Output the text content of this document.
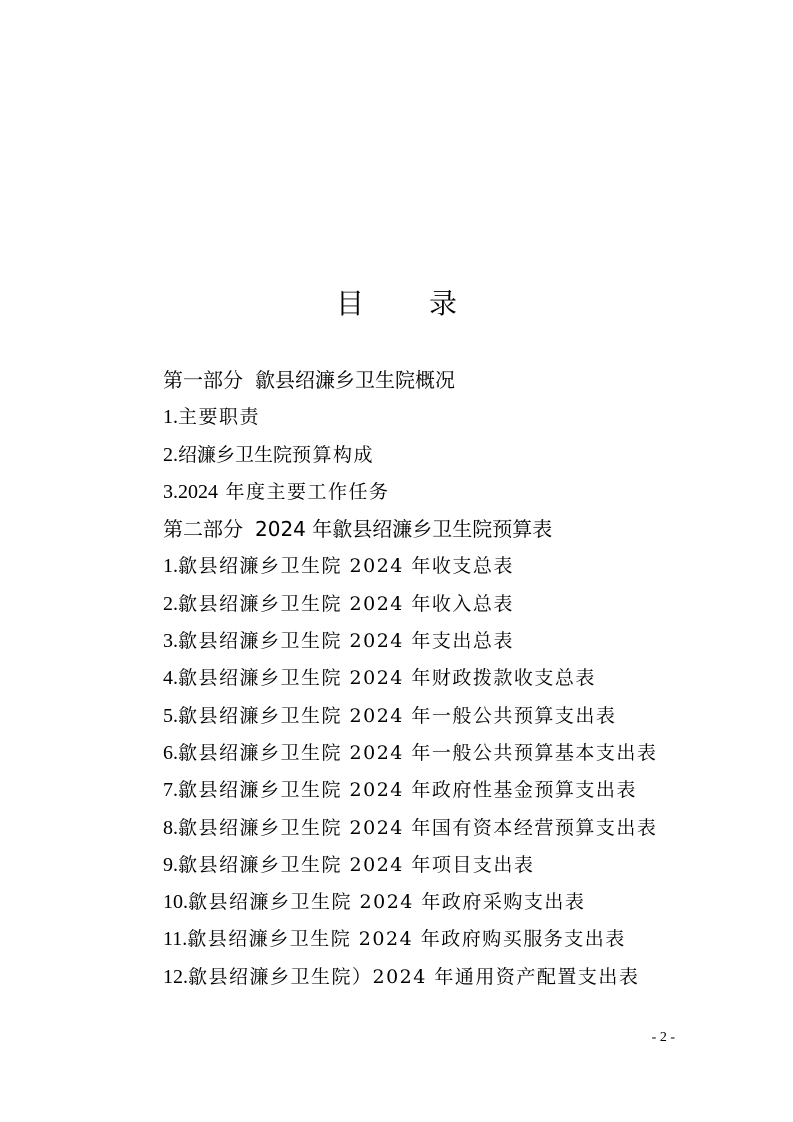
目 录
第一部分 歙县绍濂乡卫生院概况
1.主要职责
2.绍濂乡卫生院预算构成
3.2024 年度主要工作任务
第二部分 2024 年歙县绍濂乡卫生院预算表
1.歙县绍濂乡卫生院 2024 年收支总表
2.歙县绍濂乡卫生院 2024 年收入总表
3.歙县绍濂乡卫生院 2024 年支出总表
4.歙县绍濂乡卫生院 2024 年财政拨款收支总表
5.歙县绍濂乡卫生院 2024 年一般公共预算支出表
6.歙县绍濂乡卫生院 2024 年一般公共预算基本支出表
7.歙县绍濂乡卫生院 2024 年政府性基金预算支出表
8.歙县绍濂乡卫生院 2024 年国有资本经营预算支出表
9.歙县绍濂乡卫生院 2024 年项目支出表
10.歙县绍濂乡卫生院 2024 年政府采购支出表
11.歙县绍濂乡卫生院 2024 年政府购买服务支出表
12.歙县绍濂乡卫生院）2024 年通用资产配置支出表
- 2 -
